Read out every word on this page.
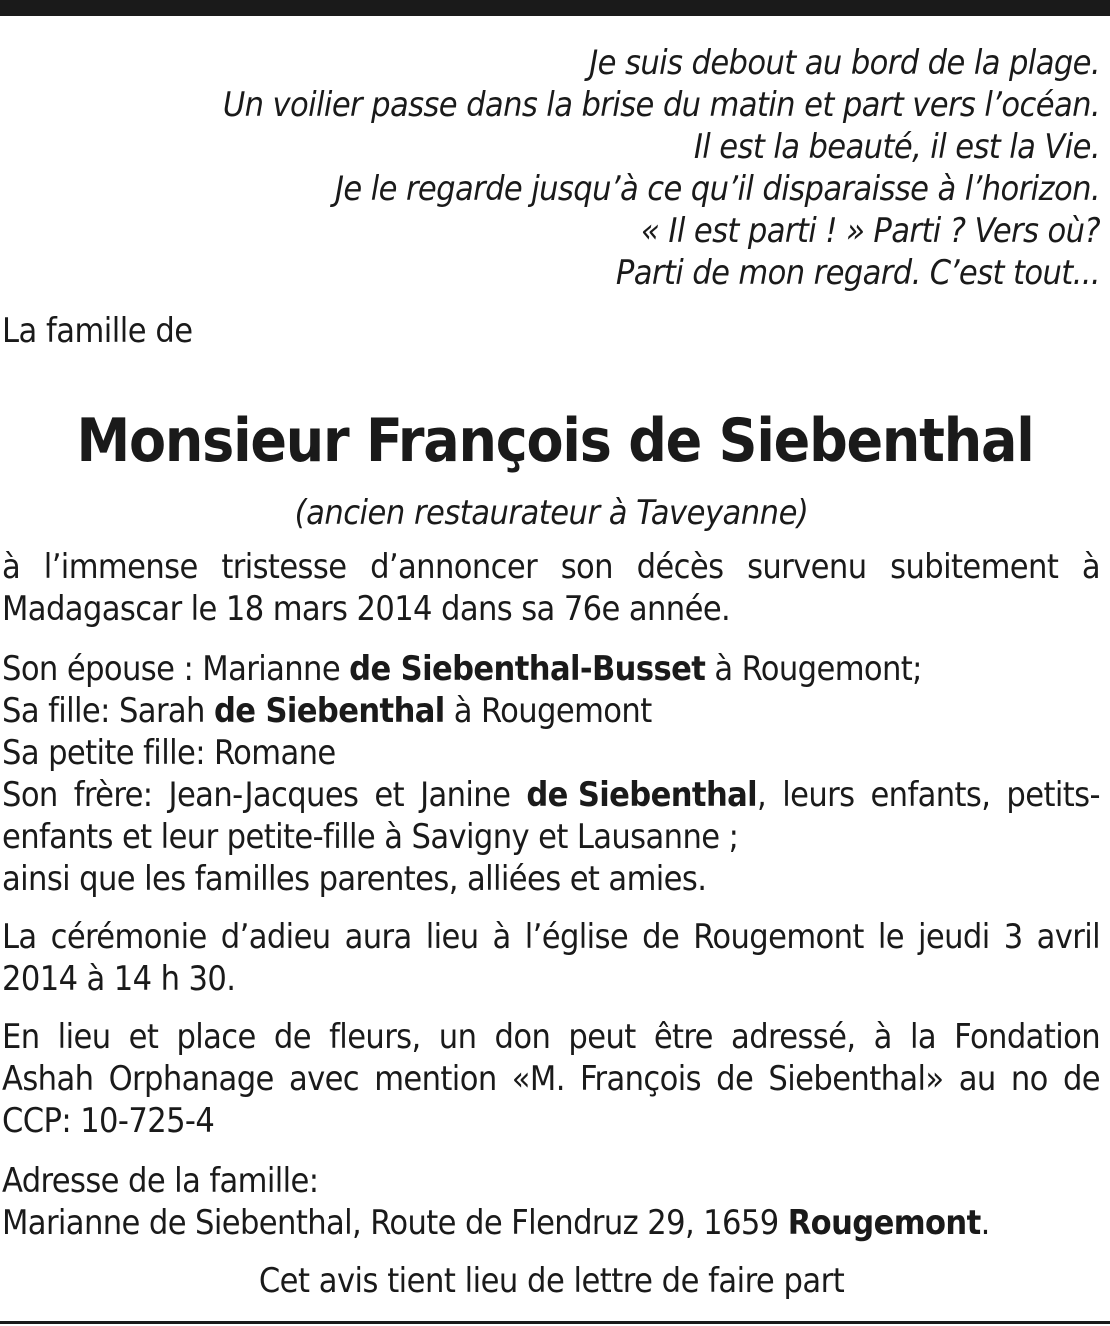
Je suis debout au bord de la plage.
Un voilier passe dans la brise du matin et part vers l’océan.
Il est la beauté, il est la Vie.
Je le regarde jusqu’à ce qu’il disparaisse à l’horizon.
« Il est parti ! » Parti ? Vers où?
Parti de mon regard. C’est tout...
La famille de
Monsieur François de Siebenthal
(ancien restaurateur à Taveyanne)
à l’immense tristesse d’annoncer son décès survenu subitement à
Madagascar le 18 mars 2014 dans sa 76e année.
Son épouse : Marianne de Siebenthal-Busset à Rougemont;
Sa fille: Sarah de Siebenthal à Rougemont
Sa petite fille: Romane
Son frère: Jean-Jacques et Janine de Siebenthal, leurs enfants, petits-
enfants et leur petite-fille à Savigny et Lausanne ;
ainsi que les familles parentes, alliées et amies.
La cérémonie d’adieu aura lieu à l’église de Rougemont le jeudi 3 avril
2014 à 14 h 30.
En lieu et place de fleurs, un don peut être adressé, à la Fondation
Ashah Orphanage avec mention «M. François de Siebenthal» au no de
CCP: 10-725-4
Adresse de la famille:
Marianne de Siebenthal, Route de Flendruz 29, 1659 Rougemont.
Cet avis tient lieu de lettre de faire part
